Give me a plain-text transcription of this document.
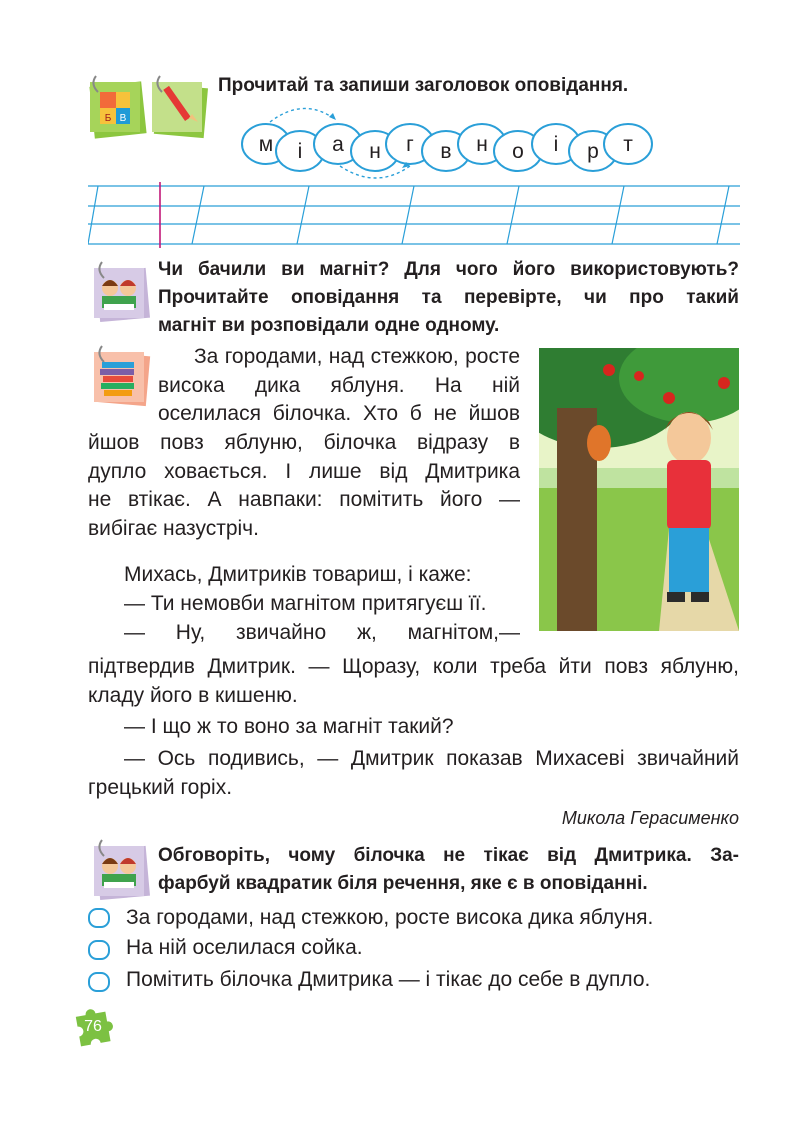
Б В
Прочитай та запиши заголовок оповідання.
м і а н г в н о і р т
Чи бачили ви магніт? Для чого його використовують?
Прочитайте оповідання та перевірте, чи про такий
магніт ви розповідали одне одному.
За городами, над стежкою, росте висока дика яблуня. На ній оселилася білочка. Хто б не йшов
йшов повз яблуню, білочка відразу в
дупло ховається. І лише від Дмитрика
не втікає. А навпаки: помітить його —
вибігає назустріч.
Михась, Дмитриків товариш, і каже:
— Ти немовби магнітом притягуєш її.
— Ну, звичайно ж, магнітом,—
підтвердив Дмитрик. — Щоразу, коли треба йти повз яблуню, кладу його в кишеню.
— І що ж то воно за магніт такий?
— Ось подивись, — Дмитрик показав Михасеві звичайний грецький горіх.
Микола Герасименко
Обговоріть, чому білочка не тікає від Дмитрика. За-
фарбуй квадратик біля речення, яке є в оповіданні.
За городами, над стежкою, росте висока дика яблуня.
На ній оселилася сойка.
Помітить білочка Дмитрика — і тікає до себе в дупло.
76
